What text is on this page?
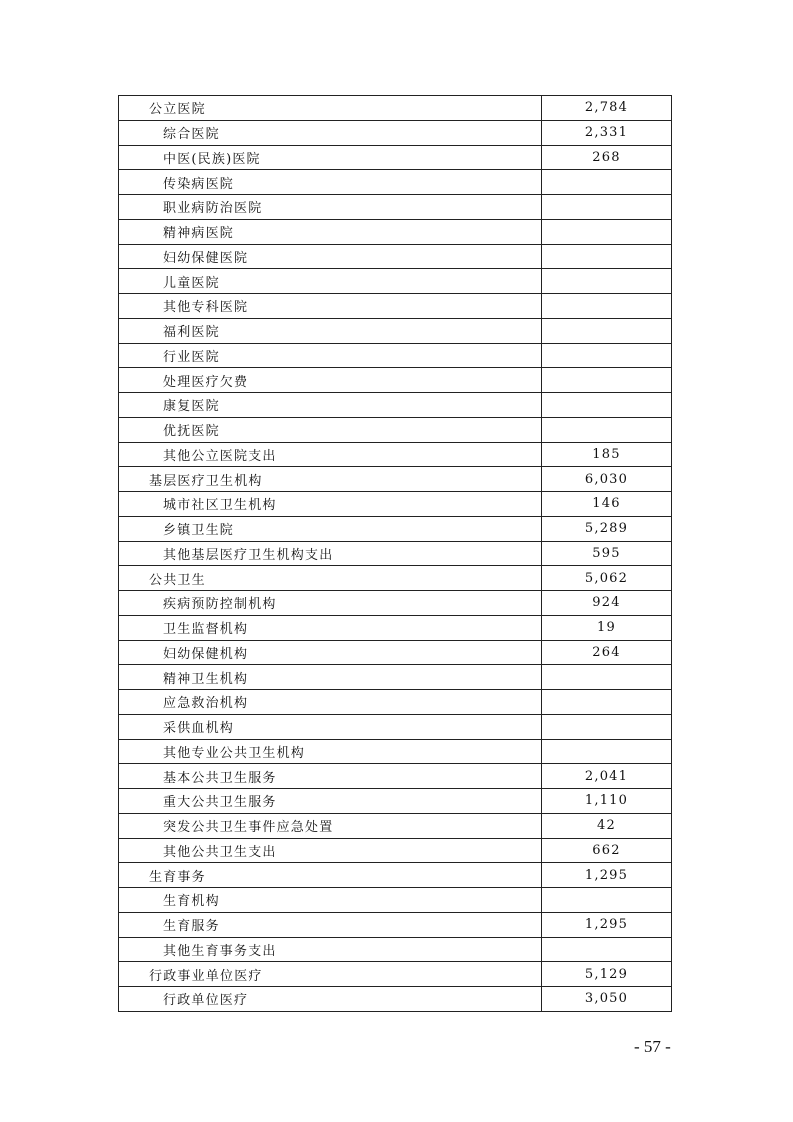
公立医院	2,784
综合医院	2,331
中医(民族)医院	268
传染病医院	
职业病防治医院	
精神病医院	
妇幼保健医院	
儿童医院	
其他专科医院	
福利医院	
行业医院	
处理医疗欠费	
康复医院	
优抚医院	
其他公立医院支出	185
基层医疗卫生机构	6,030
城市社区卫生机构	146
乡镇卫生院	5,289
其他基层医疗卫生机构支出	595
公共卫生	5,062
疾病预防控制机构	924
卫生监督机构	19
妇幼保健机构	264
精神卫生机构	
应急救治机构	
采供血机构	
其他专业公共卫生机构	
基本公共卫生服务	2,041
重大公共卫生服务	1,110
突发公共卫生事件应急处置	42
其他公共卫生支出	662
生育事务	1,295
生育机构	
生育服务	1,295
其他生育事务支出	
行政事业单位医疗	5,129
行政单位医疗	3,050
- 57 -
